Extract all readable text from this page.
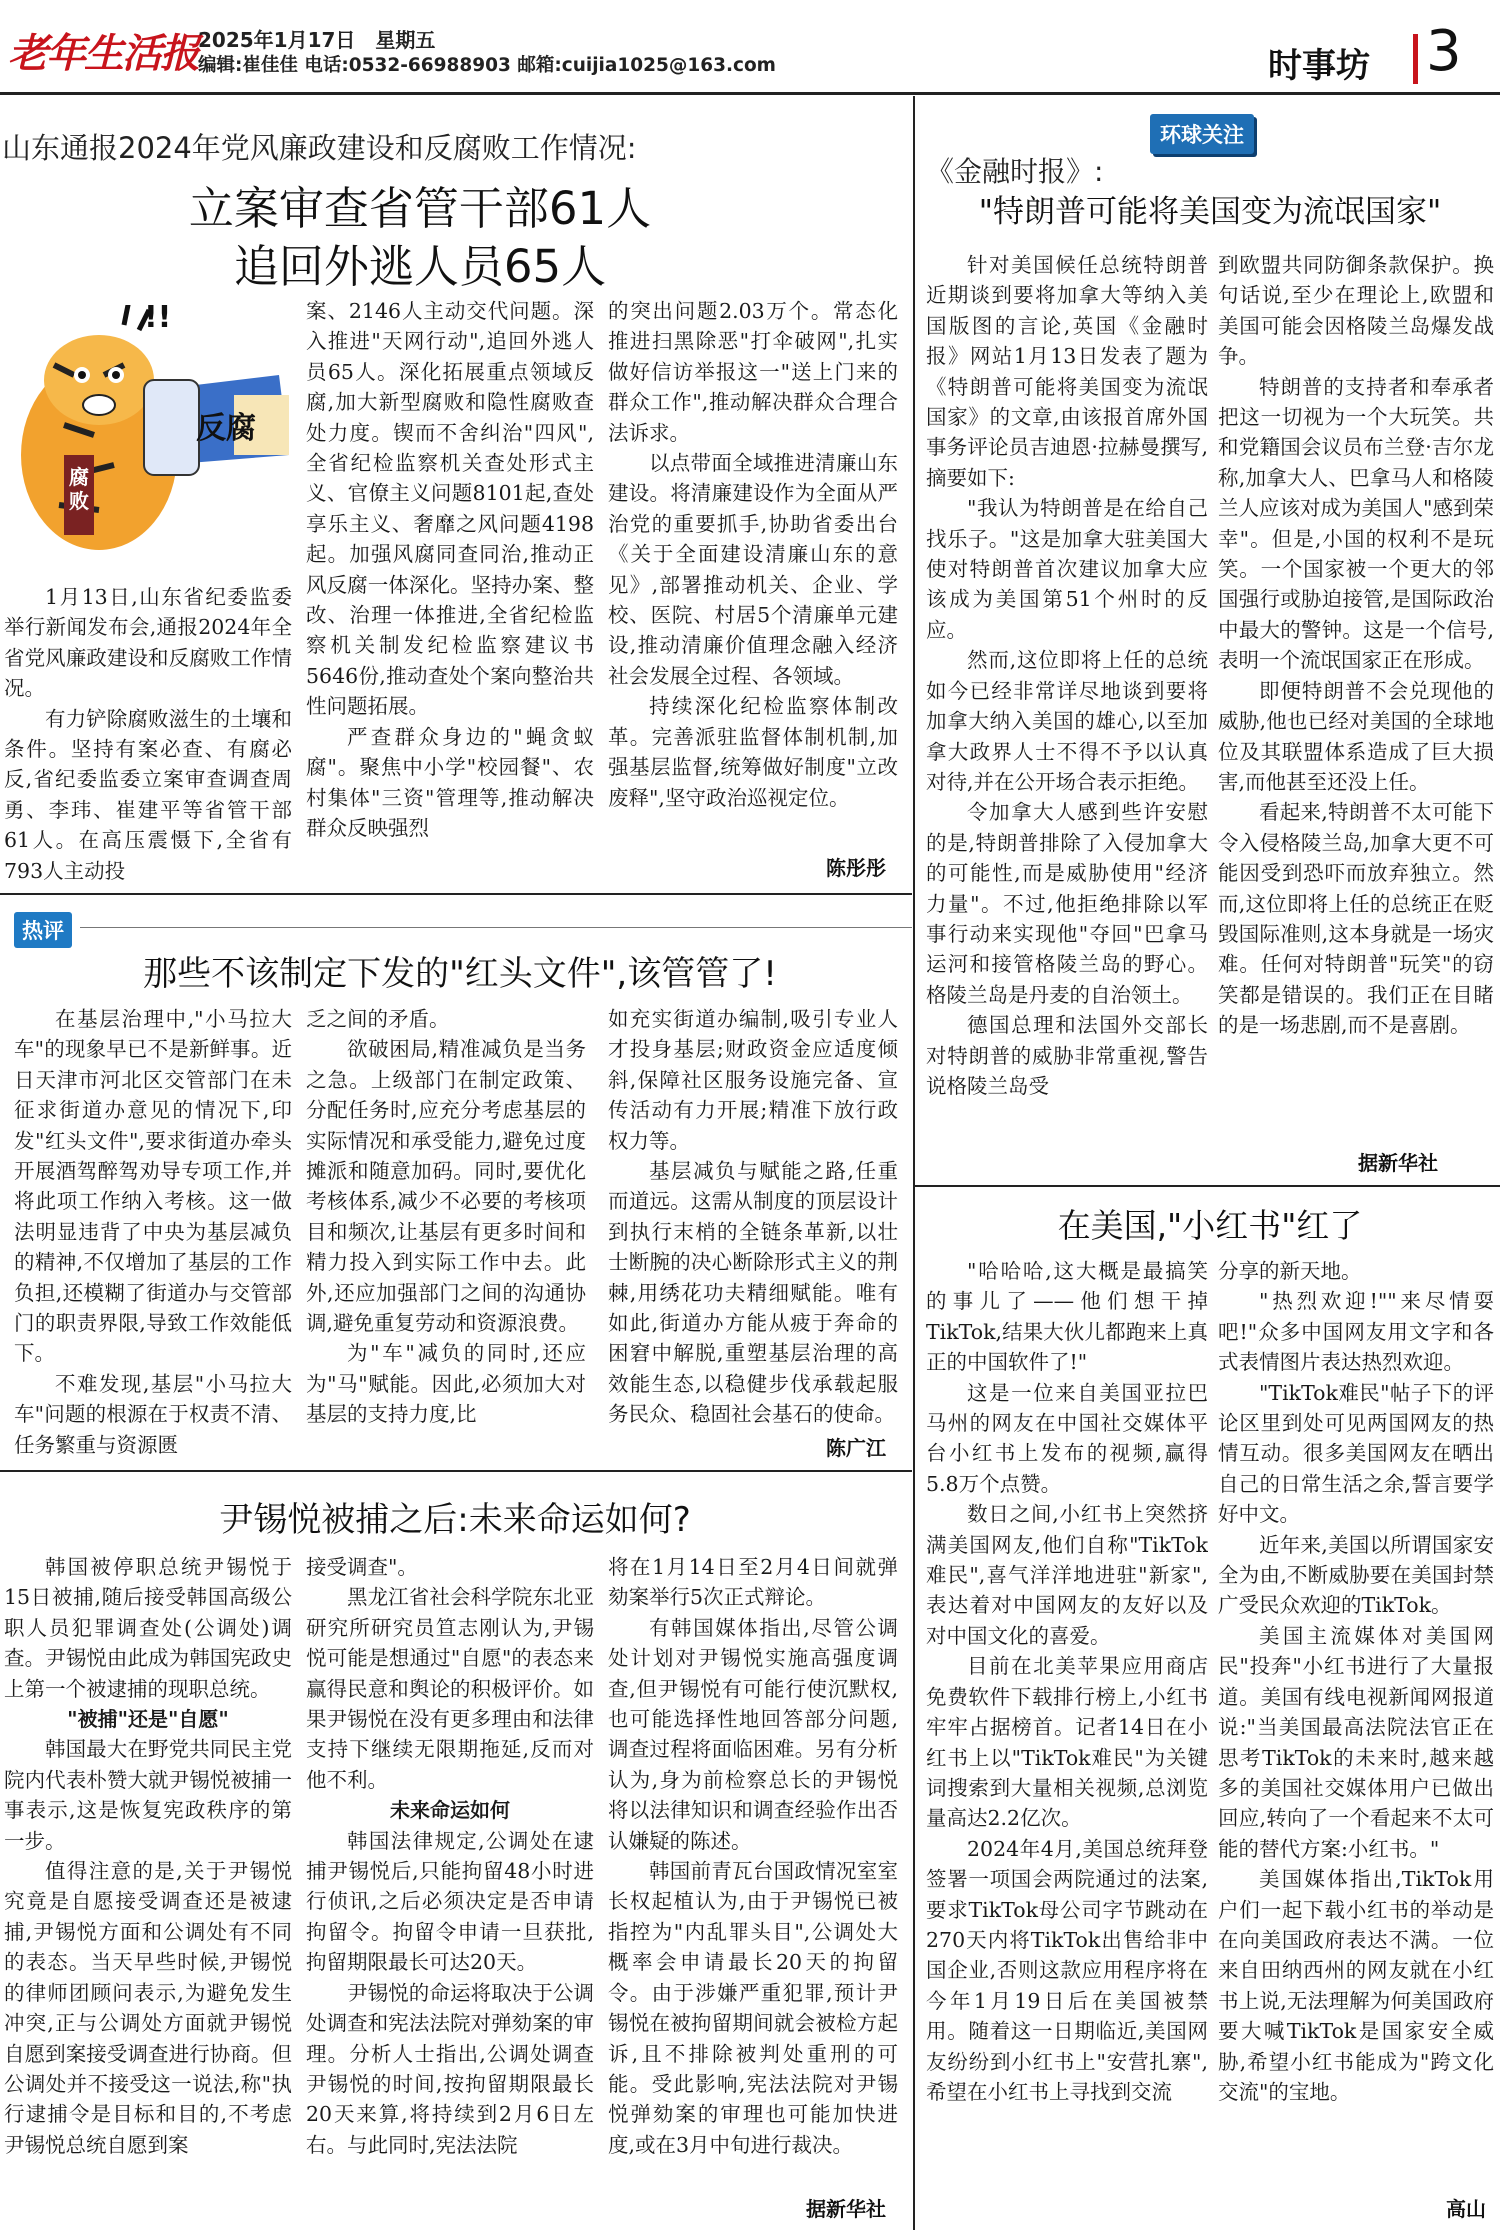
老年生活报 2025年1月17日　星期五
编辑:崔佳佳 电话:0532-66988903 邮箱:cuijia1025@163.com	时事坊 3
山东通报2024年党风廉政建设和反腐败工作情况:
立案审查省管干部61人
追回外逃人员65人
!!
腐败
反腐

1月13日,山东省纪委监委举行新闻发布会,通报2024年全省党风廉政建设和反腐败工作情况。

有力铲除腐败滋生的土壤和条件。坚持有案必查、有腐必反,省纪委监委立案审查调查周勇、李玮、崔建平等省管干部61人。在高压震慑下,全省有793人主动投

案、2146人主动交代问题。深入推进"天网行动",追回外逃人员65人。深化拓展重点领域反腐,加大新型腐败和隐性腐败查处力度。锲而不舍纠治"四风",全省纪检监察机关查处形式主义、官僚主义问题8101起,查处享乐主义、奢靡之风问题4198起。加强风腐同查同治,推动正风反腐一体深化。坚持办案、整改、治理一体推进,全省纪检监察机关制发纪检监察建议书5646份,推动查处个案向整治共性问题拓展。

严查群众身边的"蝇贪蚁腐"。聚焦中小学"校园餐"、农村集体"三资"管理等,推动解决群众反映强烈

的突出问题2.03万个。常态化推进扫黑除恶"打伞破网",扎实做好信访举报这一"送上门来的群众工作",推动解决群众合理合法诉求。

以点带面全域推进清廉山东建设。将清廉建设作为全面从严治党的重要抓手,协助省委出台《关于全面建设清廉山东的意见》,部署推动机关、企业、学校、医院、村居5个清廉单元建设,推动清廉价值理念融入经济社会发展全过程、各领域。

持续深化纪检监察体制改革。完善派驻监督体制机制,加强基层监督,统筹做好制度"立改废释",坚守政治巡视定位。

陈彤彤
热评
那些不该制定下发的"红头文件",该管管了!

在基层治理中,"小马拉大车"的现象早已不是新鲜事。近日天津市河北区交管部门在未征求街道办意见的情况下,印发"红头文件",要求街道办牵头开展酒驾醉驾劝导专项工作,并将此项工作纳入考核。这一做法明显违背了中央为基层减负的精神,不仅增加了基层的工作负担,还模糊了街道办与交管部门的职责界限,导致工作效能低下。

不难发现,基层"小马拉大车"问题的根源在于权责不清、任务繁重与资源匮

乏之间的矛盾。

欲破困局,精准减负是当务之急。上级部门在制定政策、分配任务时,应充分考虑基层的实际情况和承受能力,避免过度摊派和随意加码。同时,要优化考核体系,减少不必要的考核项目和频次,让基层有更多时间和精力投入到实际工作中去。此外,还应加强部门之间的沟通协调,避免重复劳动和资源浪费。

为"车"减负的同时,还应为"马"赋能。因此,必须加大对基层的支持力度,比

如充实街道办编制,吸引专业人才投身基层;财政资金应适度倾斜,保障社区服务设施完备、宣传活动有力开展;精准下放行政权力等。

基层减负与赋能之路,任重而道远。这需从制度的顶层设计到执行末梢的全链条革新,以壮士断腕的决心断除形式主义的荆棘,用绣花功夫精细赋能。唯有如此,街道办方能从疲于奔命的困窘中解脱,重塑基层治理的高效能生态,以稳健步伐承载起服务民众、稳固社会基石的使命。

陈广江
尹锡悦被捕之后:未来命运如何?

韩国被停职总统尹锡悦于15日被捕,随后接受韩国高级公职人员犯罪调查处(公调处)调查。尹锡悦由此成为韩国宪政史上第一个被逮捕的现职总统。

"被捕"还是"自愿"

韩国最大在野党共同民主党院内代表朴赞大就尹锡悦被捕一事表示,这是恢复宪政秩序的第一步。

值得注意的是,关于尹锡悦究竟是自愿接受调查还是被逮捕,尹锡悦方面和公调处有不同的表态。当天早些时候,尹锡悦的律师团顾问表示,为避免发生冲突,正与公调处方面就尹锡悦自愿到案接受调查进行协商。但公调处并不接受这一说法,称"执行逮捕令是目标和目的,不考虑尹锡悦总统自愿到案

接受调查"。

黑龙江省社会科学院东北亚研究所研究员笪志刚认为,尹锡悦可能是想通过"自愿"的表态来赢得民意和舆论的积极评价。如果尹锡悦在没有更多理由和法律支持下继续无限期拖延,反而对他不利。

未来命运如何

韩国法律规定,公调处在逮捕尹锡悦后,只能拘留48小时进行侦讯,之后必须决定是否申请拘留令。拘留令申请一旦获批,拘留期限最长可达20天。

尹锡悦的命运将取决于公调处调查和宪法法院对弹劾案的审理。分析人士指出,公调处调查尹锡悦的时间,按拘留期限最长20天来算,将持续到2月6日左右。与此同时,宪法法院

将在1月14日至2月4日间就弹劾案举行5次正式辩论。

有韩国媒体指出,尽管公调处计划对尹锡悦实施高强度调查,但尹锡悦有可能行使沉默权,也可能选择性地回答部分问题,调查过程将面临困难。另有分析认为,身为前检察总长的尹锡悦将以法律知识和调查经验作出否认嫌疑的陈述。

韩国前青瓦台国政情况室室长权起植认为,由于尹锡悦已被指控为"内乱罪头目",公调处大概率会申请最长20天的拘留令。由于涉嫌严重犯罪,预计尹锡悦在被拘留期间就会被检方起诉,且不排除被判处重刑的可能。受此影响,宪法法院对尹锡悦弹劾案的审理也可能加快进度,或在3月中旬进行裁决。

据新华社
环球关注
《金融时报》:
"特朗普可能将美国变为流氓国家"

针对美国候任总统特朗普近期谈到要将加拿大等纳入美国版图的言论,英国《金融时报》网站1月13日发表了题为《特朗普可能将美国变为流氓国家》的文章,由该报首席外国事务评论员吉迪恩·拉赫曼撰写,摘要如下:

"我认为特朗普是在给自己找乐子。"这是加拿大驻美国大使对特朗普首次建议加拿大应该成为美国第51个州时的反应。

然而,这位即将上任的总统如今已经非常详尽地谈到要将加拿大纳入美国的雄心,以至加拿大政界人士不得不予以认真对待,并在公开场合表示拒绝。

令加拿大人感到些许安慰的是,特朗普排除了入侵加拿大的可能性,而是威胁使用"经济力量"。不过,他拒绝排除以军事行动来实现他"夺回"巴拿马运河和接管格陵兰岛的野心。格陵兰岛是丹麦的自治领土。

德国总理和法国外交部长对特朗普的威胁非常重视,警告说格陵兰岛受

到欧盟共同防御条款保护。换句话说,至少在理论上,欧盟和美国可能会因格陵兰岛爆发战争。

特朗普的支持者和奉承者把这一切视为一个大玩笑。共和党籍国会议员布兰登·吉尔龙称,加拿大人、巴拿马人和格陵兰人应该对成为美国人"感到荣幸"。但是,小国的权利不是玩笑。一个国家被一个更大的邻国强行或胁迫接管,是国际政治中最大的警钟。这是一个信号,表明一个流氓国家正在形成。

即便特朗普不会兑现他的威胁,他也已经对美国的全球地位及其联盟体系造成了巨大损害,而他甚至还没上任。

看起来,特朗普不太可能下令入侵格陵兰岛,加拿大更不可能因受到恐吓而放弃独立。然而,这位即将上任的总统正在贬毁国际准则,这本身就是一场灾难。任何对特朗普"玩笑"的窃笑都是错误的。我们正在目睹的是一场悲剧,而不是喜剧。

据新华社
在美国,"小红书"红了

"哈哈哈,这大概是最搞笑的事儿了——他们想干掉TikTok,结果大伙儿都跑来上真正的中国软件了!"

这是一位来自美国亚拉巴马州的网友在中国社交媒体平台小红书上发布的视频,赢得5.8万个点赞。

数日之间,小红书上突然挤满美国网友,他们自称"TikTok难民",喜气洋洋地进驻"新家",表达着对中国网友的友好以及对中国文化的喜爱。

目前在北美苹果应用商店免费软件下载排行榜上,小红书牢牢占据榜首。记者14日在小红书上以"TikTok难民"为关键词搜索到大量相关视频,总浏览量高达2.2亿次。

2024年4月,美国总统拜登签署一项国会两院通过的法案,要求TikTok母公司字节跳动在270天内将TikTok出售给非中国企业,否则这款应用程序将在今年1月19日后在美国被禁用。随着这一日期临近,美国网友纷纷到小红书上"安营扎寨",希望在小红书上寻找到交流

分享的新天地。

"热烈欢迎!""来尽情耍吧!"众多中国网友用文字和各式表情图片表达热烈欢迎。

"TikTok难民"帖子下的评论区里到处可见两国网友的热情互动。很多美国网友在晒出自己的日常生活之余,誓言要学好中文。

近年来,美国以所谓国家安全为由,不断威胁要在美国封禁广受民众欢迎的TikTok。

美国主流媒体对美国网民"投奔"小红书进行了大量报道。美国有线电视新闻网报道说:"当美国最高法院法官正在思考TikTok的未来时,越来越多的美国社交媒体用户已做出回应,转向了一个看起来不太可能的替代方案:小红书。"

美国媒体指出,TikTok用户们一起下载小红书的举动是在向美国政府表达不满。一位来自田纳西州的网友就在小红书上说,无法理解为何美国政府要大喊TikTok是国家安全威胁,希望小红书能成为"跨文化交流"的宝地。

高山
